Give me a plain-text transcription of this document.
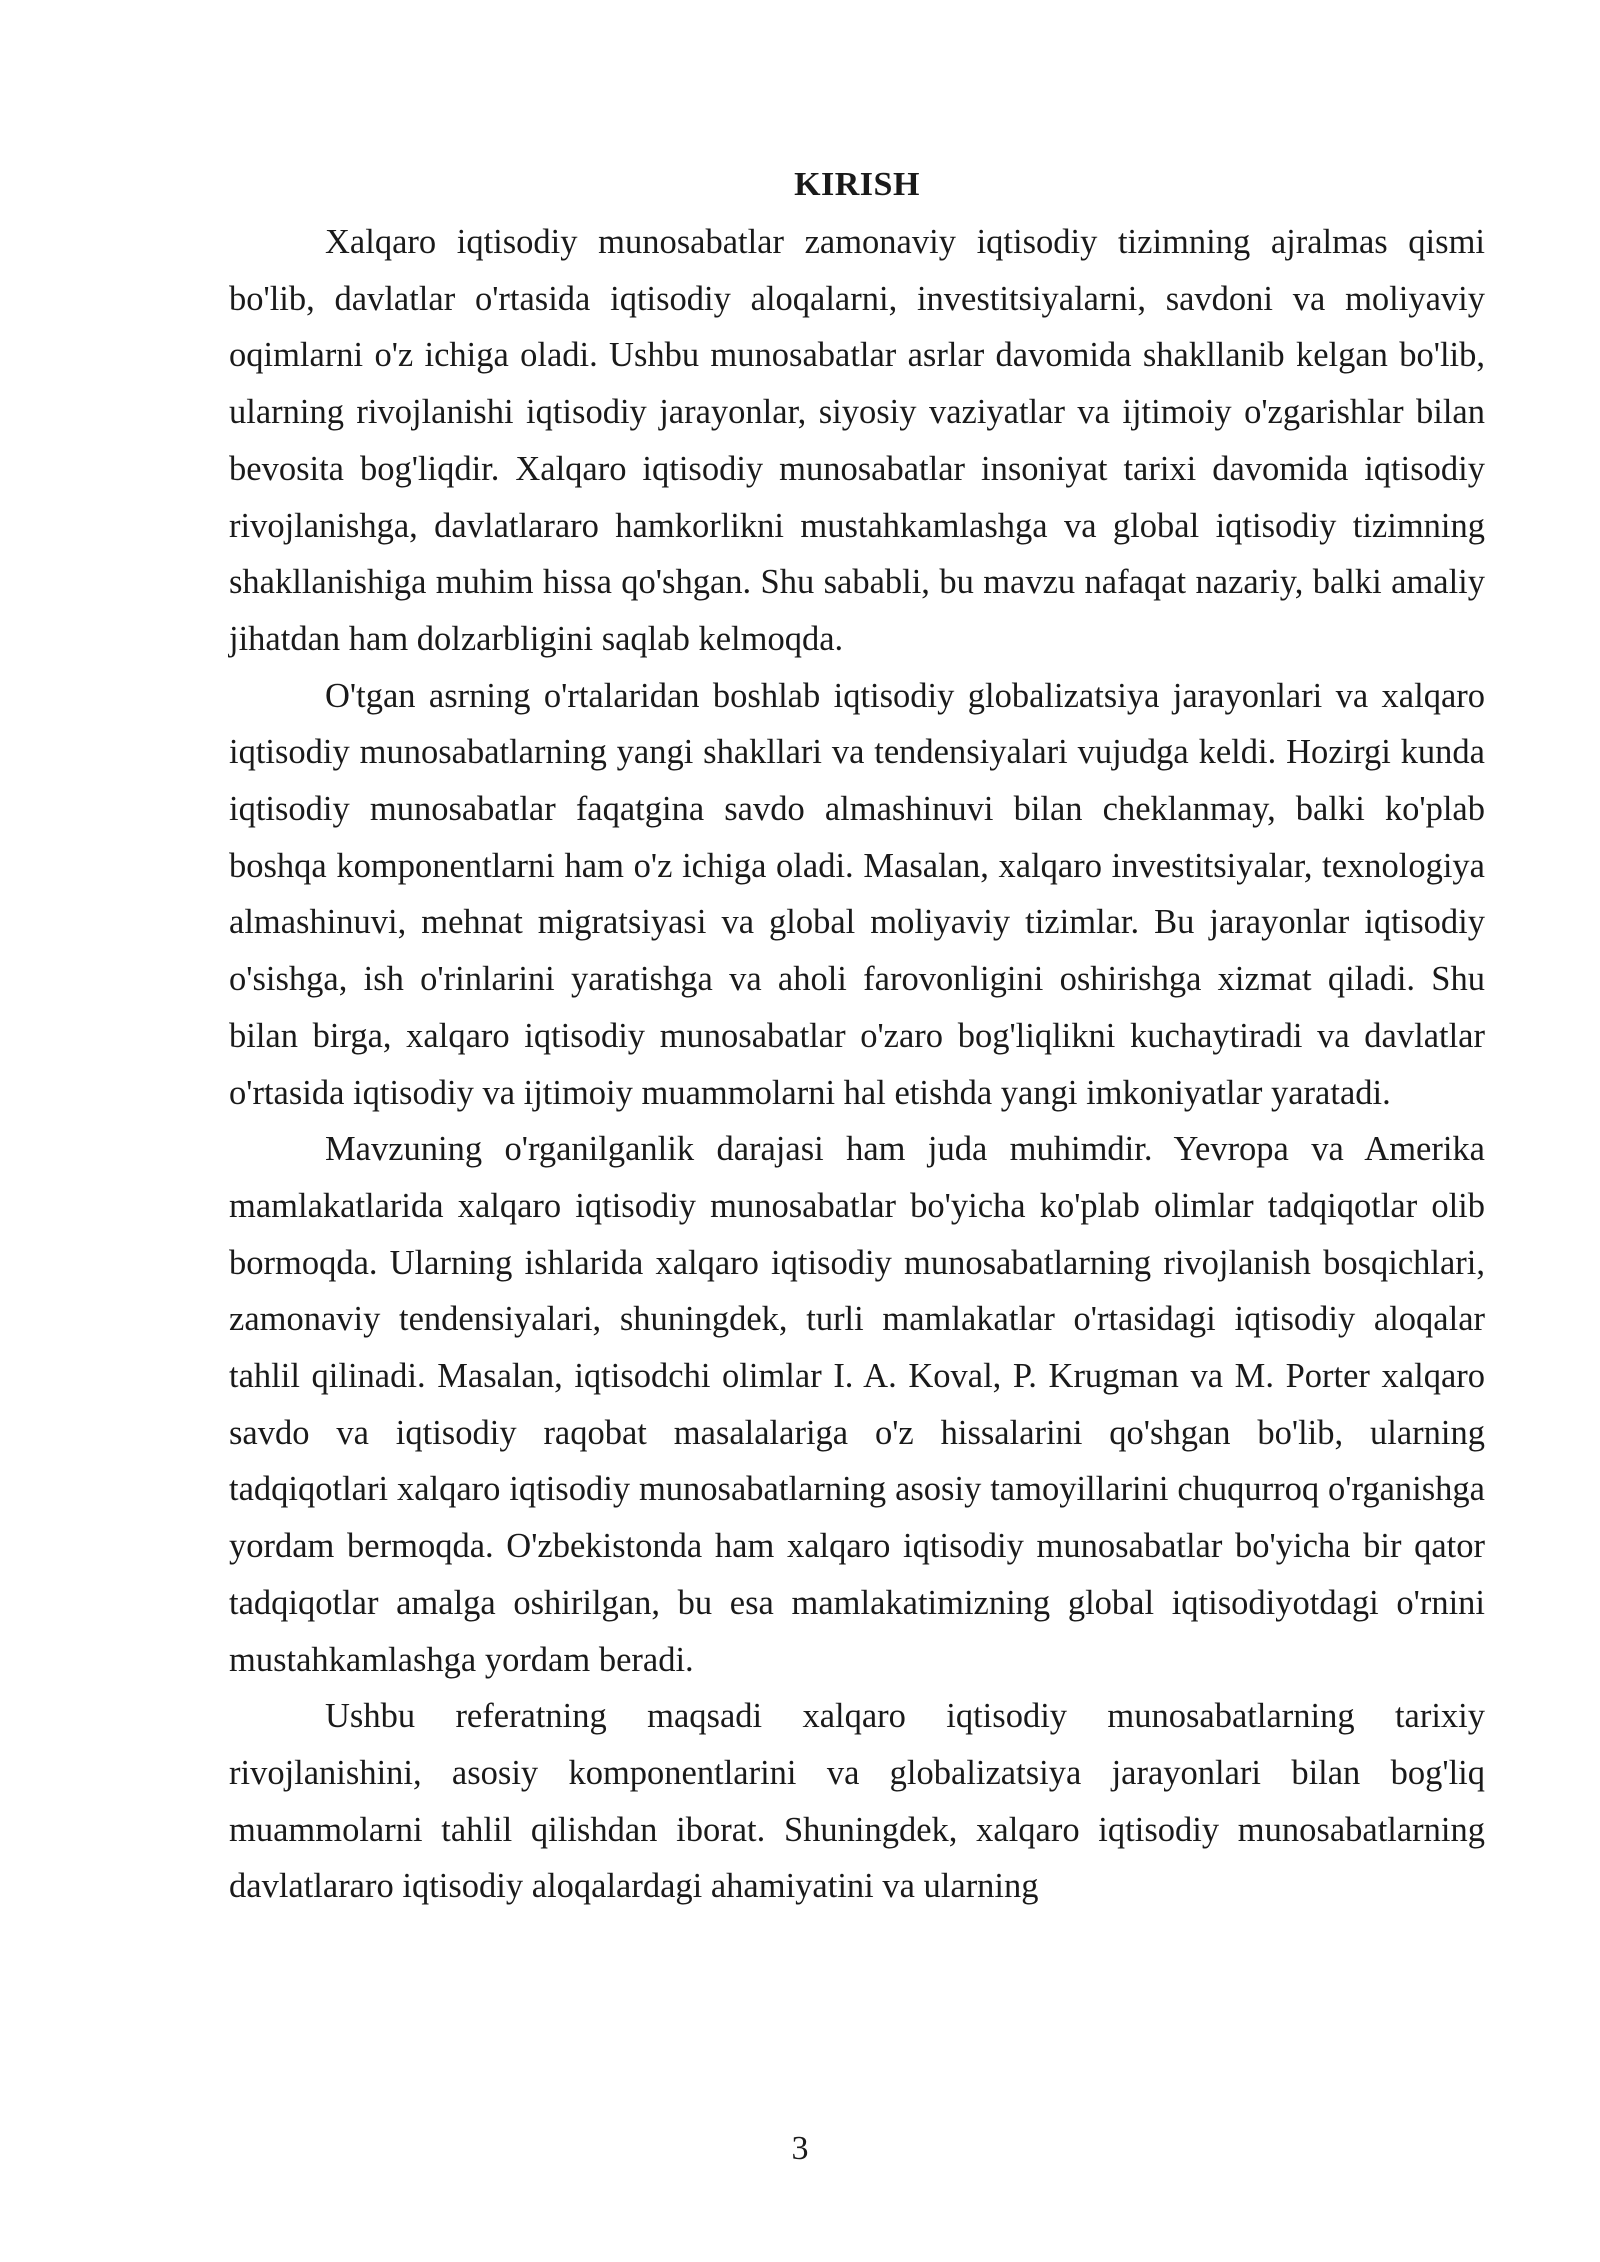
KIRISH

Xalqaro iqtisodiy munosabatlar zamonaviy iqtisodiy tizimning ajralmas qismi bo'lib, davlatlar o'rtasida iqtisodiy aloqalarni, investitsiyalarni, savdoni va moliyaviy oqimlarni o'z ichiga oladi. Ushbu munosabatlar asrlar davomida shakllanib kelgan bo'lib, ularning rivojlanishi iqtisodiy jarayonlar, siyosiy vaziyatlar va ijtimoiy o'zgarishlar bilan bevosita bog'liqdir. Xalqaro iqtisodiy munosabatlar insoniyat tarixi davomida iqtisodiy rivojlanishga, davlatlararo hamkorlikni mustahkamlashga va global iqtisodiy tizimning shakllanishiga muhim hissa qo'shgan. Shu sababli, bu mavzu nafaqat nazariy, balki amaliy jihatdan ham dolzarbligini saqlab kelmoqda.

O'tgan asrning o'rtalaridan boshlab iqtisodiy globalizatsiya jarayonlari va xalqaro iqtisodiy munosabatlarning yangi shakllari va tendensiyalari vujudga keldi. Hozirgi kunda iqtisodiy munosabatlar faqatgina savdo almashinuvi bilan cheklanmay, balki ko'plab boshqa komponentlarni ham o'z ichiga oladi. Masalan, xalqaro investitsiyalar, texnologiya almashinuvi, mehnat migratsiyasi va global moliyaviy tizimlar. Bu jarayonlar iqtisodiy o'sishga, ish o'rinlarini yaratishga va aholi farovonligini oshirishga xizmat qiladi. Shu bilan birga, xalqaro iqtisodiy munosabatlar o'zaro bog'liqlikni kuchaytiradi va davlatlar o'rtasida iqtisodiy va ijtimoiy muammolarni hal etishda yangi imkoniyatlar yaratadi.

Mavzuning o'rganilganlik darajasi ham juda muhimdir. Yevropa va Amerika mamlakatlarida xalqaro iqtisodiy munosabatlar bo'yicha ko'plab olimlar tadqiqotlar olib bormoqda. Ularning ishlarida xalqaro iqtisodiy munosabatlarning rivojlanish bosqichlari, zamonaviy tendensiyalari, shuningdek, turli mamlakatlar o'rtasidagi iqtisodiy aloqalar tahlil qilinadi. Masalan, iqtisodchi olimlar I. A. Koval, P. Krugman va M. Porter xalqaro savdo va iqtisodiy raqobat masalalariga o'z hissalarini qo'shgan bo'lib, ularning tadqiqotlari xalqaro iqtisodiy munosabatlarning asosiy tamoyillarini chuqurroq o'rganishga yordam bermoqda. O'zbekistonda ham xalqaro iqtisodiy munosabatlar bo'yicha bir qator tadqiqotlar amalga oshirilgan, bu esa mamlakatimizning global iqtisodiyotdagi o'rnini mustahkamlashga yordam beradi.

Ushbu referatning maqsadi xalqaro iqtisodiy munosabatlarning tarixiy rivojlanishini, asosiy komponentlarini va globalizatsiya jarayonlari bilan bog'liq muammolarni tahlil qilishdan iborat. Shuningdek, xalqaro iqtisodiy munosabatlarning davlatlararo iqtisodiy aloqalardagi ahamiyatini va ularning

3
